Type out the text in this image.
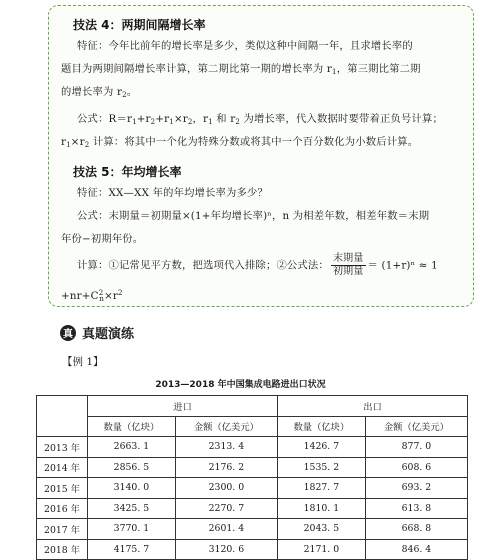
技法 4：两期间隔增长率
特征：今年比前年的增长率是多少，类似这种中间隔一年，且求增长率的
题目为两期间隔增长率计算，第二期比第一期的增长率为 $r_1$，第三期比第二期
的增长率为 $r_2$。
公式：$R=r_1+r_2+r_1\times r_2$，$r_1$ 和 $r_2$ 为增长率，代入数据时要带着正负号计算；
$r_1\times r_2$ 计算：将其中一个化为特殊分数或将其中一个百分数化为小数后计算。
技法 5：年均增长率
特征：XX—XX 年的年均增长率为多少？
公式：末期量＝初期量×(1+年均增长率)ⁿ，n 为相差年数，相差年数＝末期
年份−初期年份。
计算：①记常见平方数，把选项代入排除；②公式法： $\frac{\text{末期量}}{\text{初期量}} = (1+r)^n \approx 1$
$+nr+C^2_n\times r^2$
真 真题演练
【例 1】
2013—2018 年中国集成电路进出口状况
	进口		出口	
	数量（亿块）	金额（亿美元）	数量（亿块）	金额（亿美元）
2013 年	2663. 1	2313. 4	1426. 7	877. 0
2014 年	2856. 5	2176. 2	1535. 2	608. 6
2015 年	3140. 0	2300. 0	1827. 7	693. 2
2016 年	3425. 5	2270. 7	1810. 1	613. 8
2017 年	3770. 1	2601. 4	2043. 5	668. 8
2018 年	4175. 7	3120. 6	2171. 0	846. 4
